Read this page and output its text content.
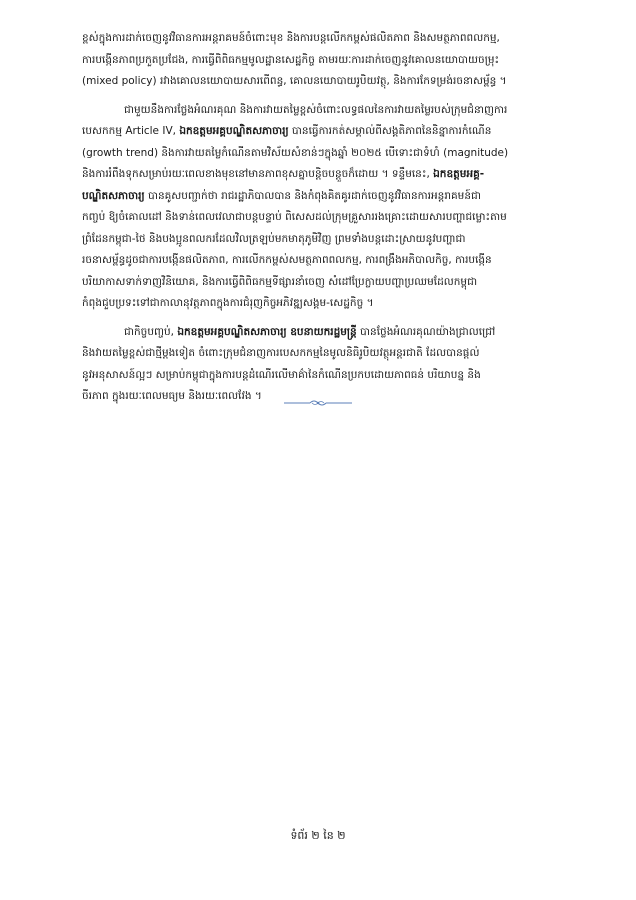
ខ្ពស់ក្នុងការដាក់ចេញនូវវិធានការអន្តរាគមន៍ចំពោះមុខ និងការបន្តលើកកម្ពស់ផលិតភាព និងសមត្ថភាពពលកម្ម,
ការបង្កើនភាពប្រកួតប្រជែង, ការធ្វើពិពិធកម្មមូលដ្ឋានសេដ្ឋកិច្ច តាមរយៈការដាក់ចេញនូវគោលនយោបាយចម្រុះ
(mixed policy) រវាងគោលនយោបាយសារពើពន្ធ, គោលនយោបាយរូបិយវត្ថុ, និងការកែទម្រង់រចនាសម្ព័ន្ធ ។

ជាមួយនឹងការថ្លែងអំណរគុណ និងការវាយតម្លៃខ្ពស់ចំពោះលទ្ធផលនៃការវាយតម្លៃរបស់ក្រុមជំនាញការ
បេសកកម្ម Article IV, ឯកឧត្តមអគ្គបណ្ឌិតសភាចារ្យ បានធ្វើការកត់សម្គាល់ពីសង្គតិភាពនៃនិន្នាការកំណើន
(growth trend) និងការវាយតម្លៃកំណើនតាមវិស័យសំខាន់ៗក្នុងឆ្នាំ ២០២៥ បើទោះជាទំហំ (magnitude)
និងការរំពឹងទុកសម្រាប់រយៈពេលខាងមុខនៅមានភាពខុសគ្នាបន្តិចបន្តួចក៏ដោយ ។ ទន្ទឹមនេះ, ឯកឧត្តមអគ្គ-
បណ្ឌិតសភាចារ្យ បានគូសបញ្ជាក់ថា រាជរដ្ឋាភិបាលបាន និងកំពុងគិតគូរដាក់ចេញនូវវិធានការអន្តរាគមន៍ជា
កញ្ចប់ ឱ្យចំគោលដៅ និងទាន់ពេលវេលាជាបន្តបន្ទាប់ ពិសេសដល់ក្រុមគ្រួសាររងគ្រោះដោយសារបញ្ហាជម្លោះតាម
ព្រំដែនកម្ពុជា-ថៃ និងបងប្អូនពលករដែលវិលត្រឡប់មកមាតុភូមិវិញ ព្រមទាំងបន្តដោះស្រាយនូវបញ្ហាជា
រចនាសម្ព័ន្ធដូចជាការបង្កើនផលិតភាព, ការលើកកម្ពស់សមត្ថភាពពលកម្ម, ការពង្រឹងអភិបាលកិច្ច, ការបង្កើន
បរិយាកាសទាក់ទាញវិនិយោគ, និងការធ្វើពិពិធកម្មទីផ្សារនាំចេញ សំដៅប្រែក្លាយបញ្ហាប្រឈមដែលកម្ពុជា
កំពុងជួបប្រទះទៅជាកាលានុវត្តភាពក្នុងការជំរុញកិច្ចអភិវឌ្ឍសង្គម-សេដ្ឋកិច្ច ។

ជាកិច្ចបញ្ចប់, ឯកឧត្តមអគ្គបណ្ឌិតសភាចារ្យ ឧបនាយករដ្ឋមន្ត្រី បានថ្លែងអំណរគុណយ៉ាងជ្រាលជ្រៅ
និងវាយតម្លៃខ្ពស់ជាថ្មីម្តងទៀត ចំពោះក្រុមជំនាញការបេសកកម្មនៃមូលនិធិរូបិយវត្ថុអន្តរជាតិ ដែលបានផ្តល់
នូវអនុសាសន៍ល្អៗ សម្រាប់កម្ពុជាក្នុងការបន្តដំណើរលើមាគ៌ានៃកំណើនប្រកបដោយភាពធន់ បរិយាបន្ន និង
ចីរភាព ក្នុងរយៈពេលមធ្យម និងរយៈពេលវែង ។

ទំព័រ ២ នៃ ២
